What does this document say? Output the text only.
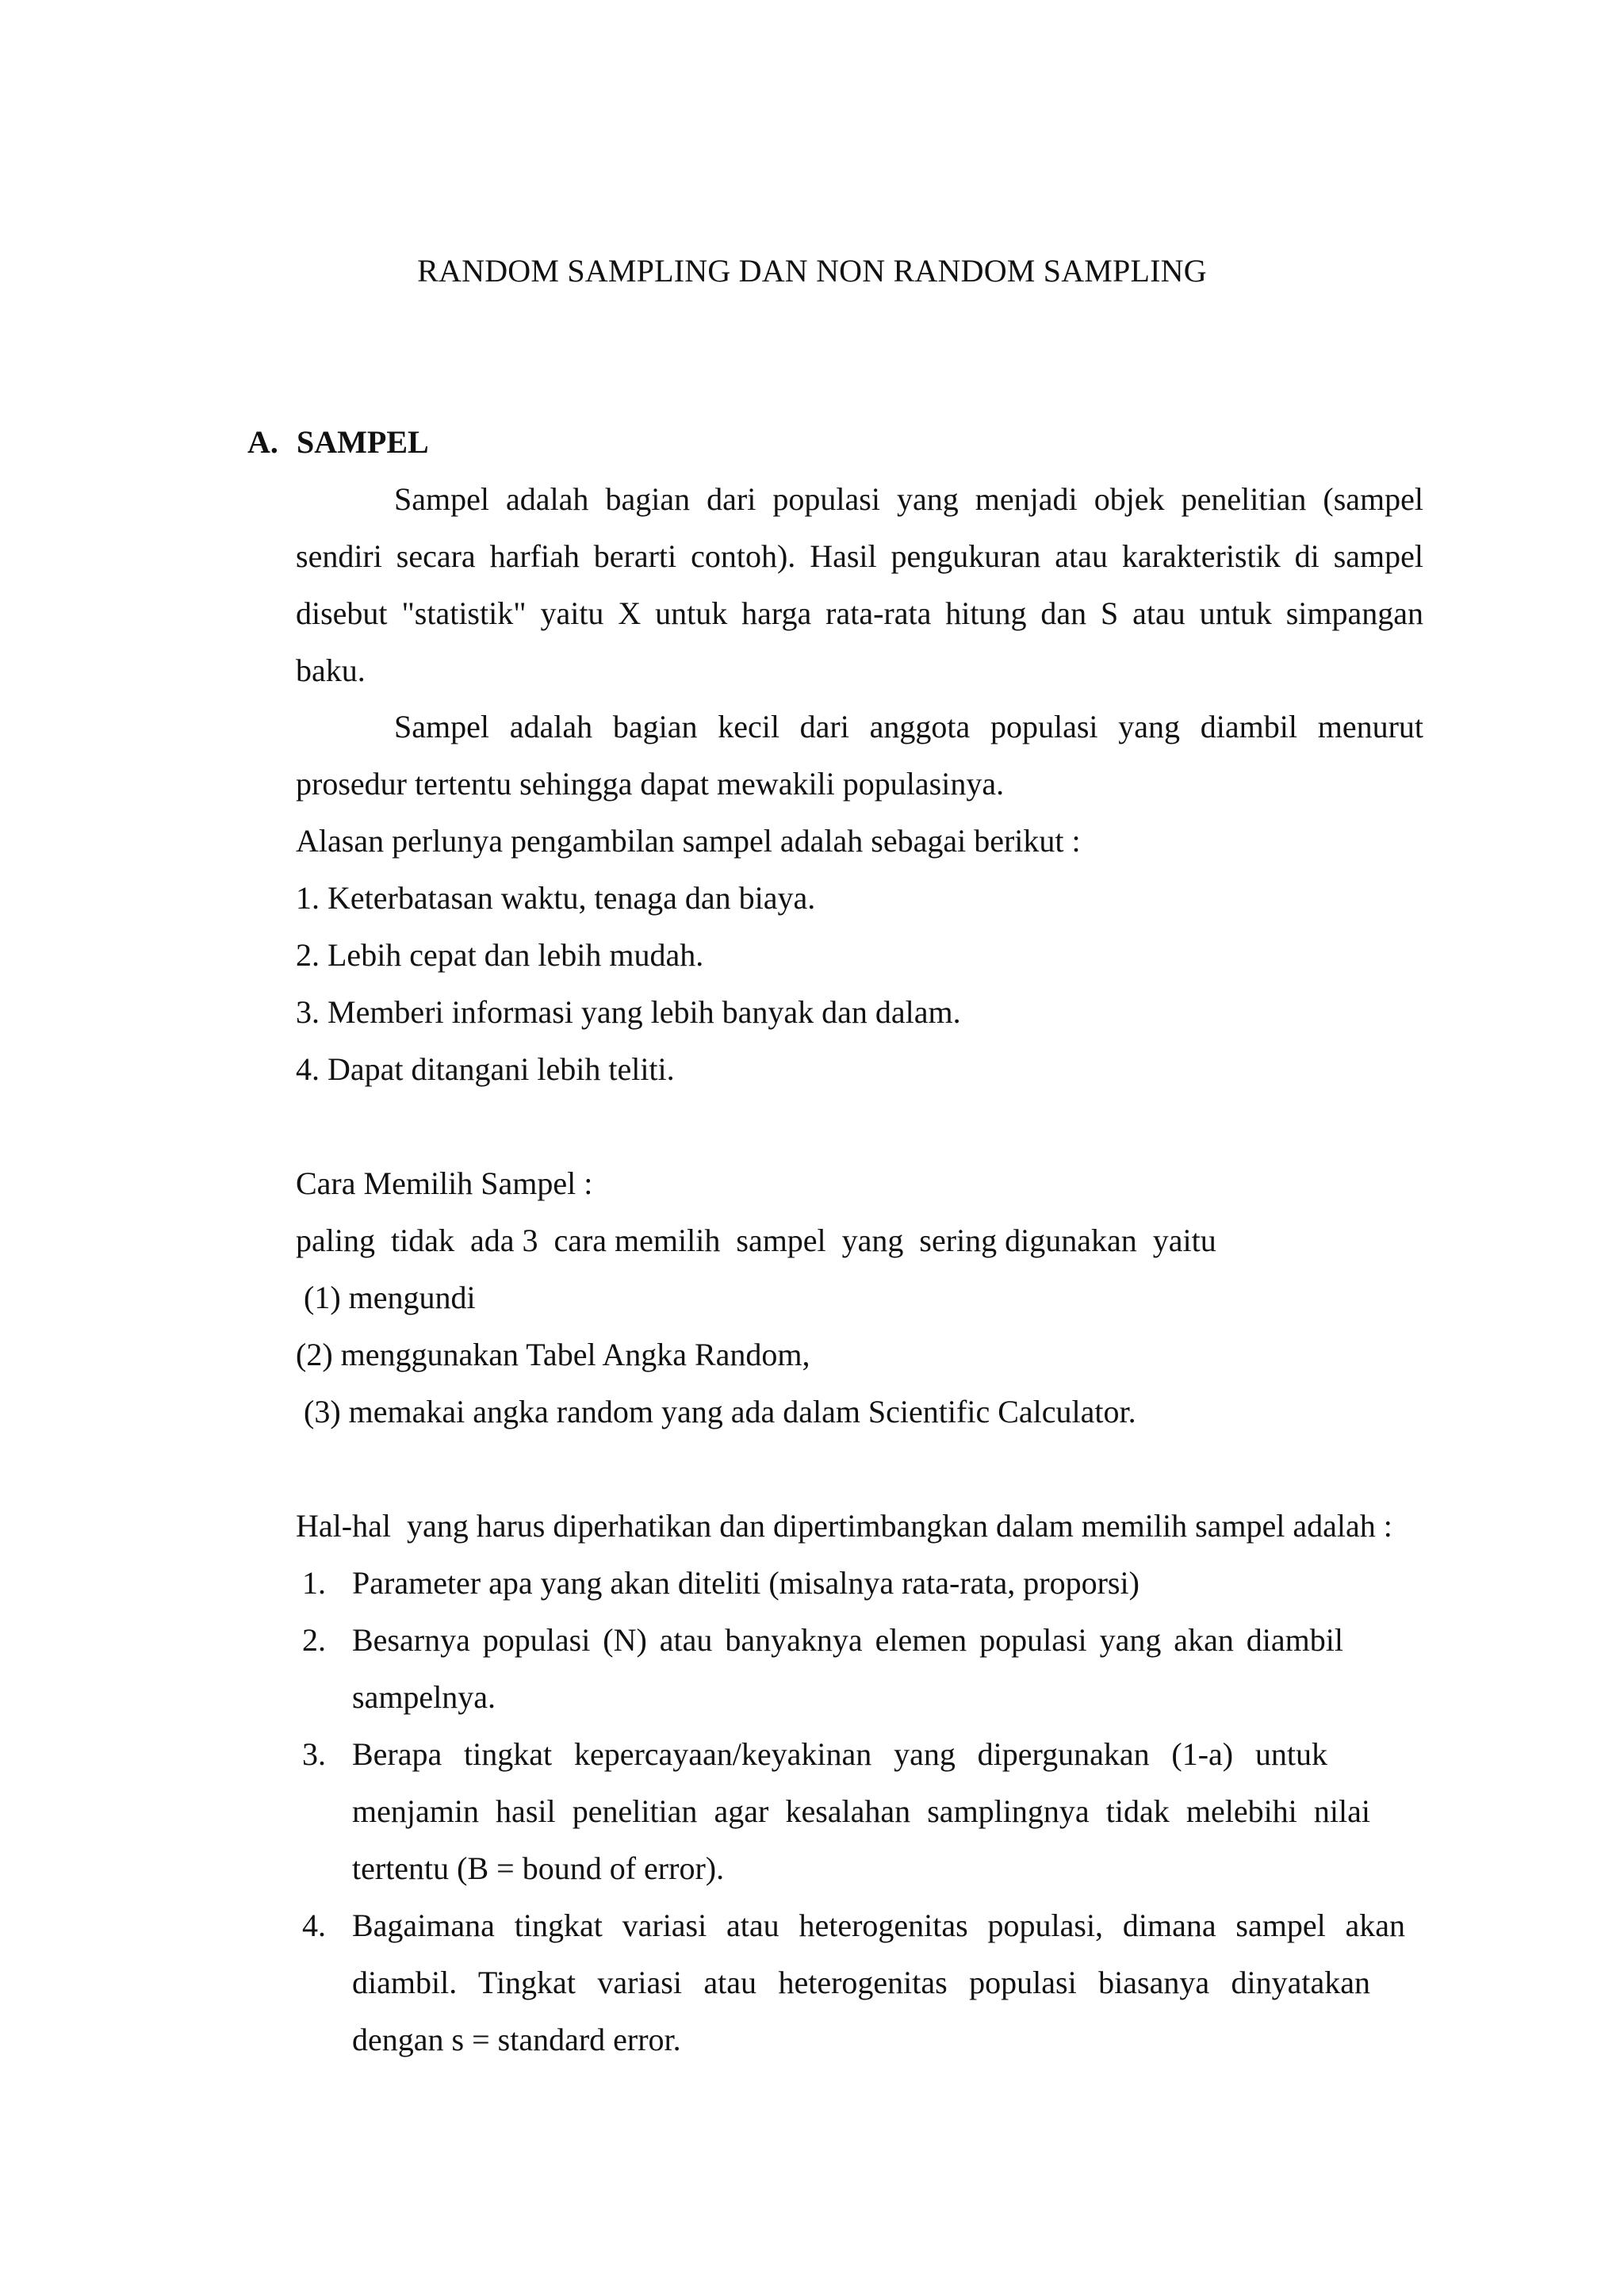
RANDOM SAMPLING DAN NON RANDOM SAMPLING
A. SAMPEL
Sampel adalah bagian dari populasi yang menjadi objek penelitian (sampel
sendiri secara harfiah berarti contoh). Hasil pengukuran atau karakteristik di sampel
disebut "statistik" yaitu X untuk harga rata-rata hitung dan S atau untuk simpangan
baku.
Sampel adalah bagian kecil dari anggota populasi yang diambil menurut
prosedur tertentu sehingga dapat mewakili populasinya.
Alasan perlunya pengambilan sampel adalah sebagai berikut :
1. Keterbatasan waktu, tenaga dan biaya.
2. Lebih cepat dan lebih mudah.
3. Memberi informasi yang lebih banyak dan dalam.
4. Dapat ditangani lebih teliti.
Cara Memilih Sampel :
paling  tidak  ada 3  cara memilih  sampel  yang  sering digunakan  yaitu
(1) mengundi
(2) menggunakan Tabel Angka Random,
(3) memakai angka random yang ada dalam Scientific Calculator.
Hal-hal  yang harus diperhatikan dan dipertimbangkan dalam memilih sampel adalah :
1. Parameter apa yang akan diteliti (misalnya rata-rata, proporsi)
2. Besarnya populasi (N) atau banyaknya elemen populasi yang akan diambil
sampelnya.
3. Berapa tingkat kepercayaan/keyakinan yang dipergunakan (1-a) untuk
menjamin hasil penelitian agar kesalahan samplingnya tidak melebihi nilai
tertentu (B = bound of error).
4. Bagaimana tingkat variasi atau heterogenitas populasi, dimana sampel akan
diambil. Tingkat variasi atau heterogenitas populasi biasanya dinyatakan
dengan s = standard error.
